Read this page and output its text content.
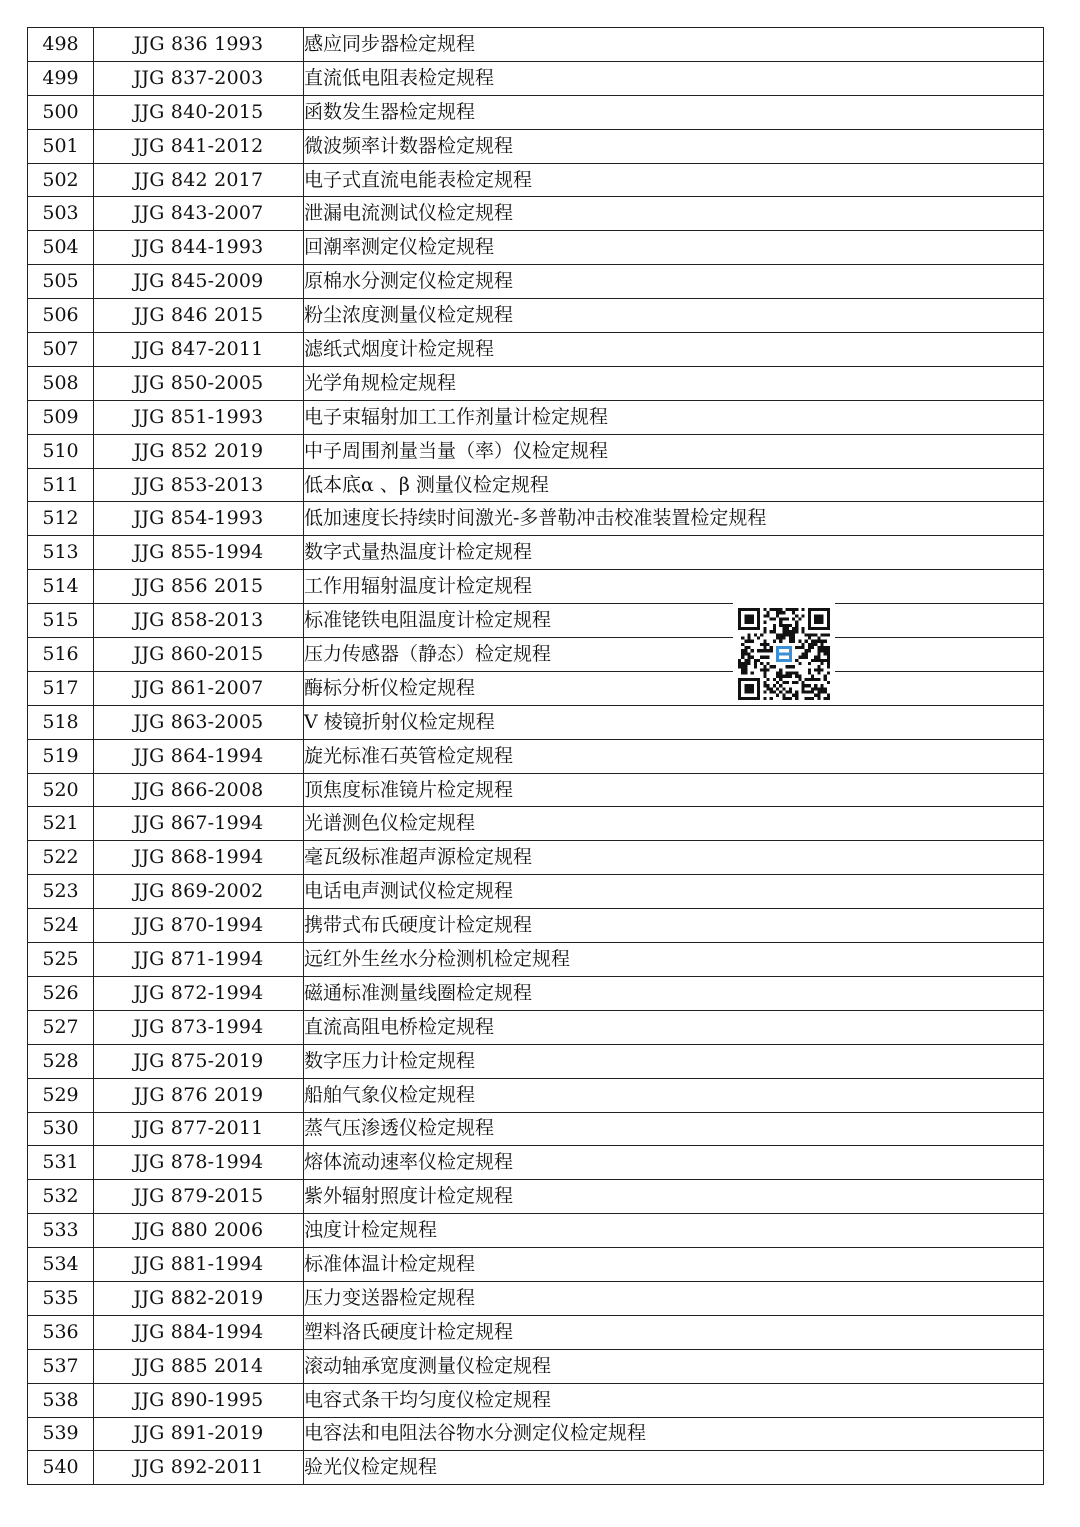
498	JJG 836 1993	感应同步器检定规程
499	JJG 837-2003	直流低电阻表检定规程
500	JJG 840-2015	函数发生器检定规程
501	JJG 841-2012	微波频率计数器检定规程
502	JJG 842 2017	电子式直流电能表检定规程
503	JJG 843-2007	泄漏电流测试仪检定规程
504	JJG 844-1993	回潮率测定仪检定规程
505	JJG 845-2009	原棉水分测定仪检定规程
506	JJG 846 2015	粉尘浓度测量仪检定规程
507	JJG 847-2011	滤纸式烟度计检定规程
508	JJG 850-2005	光学角规检定规程
509	JJG 851-1993	电子束辐射加工工作剂量计检定规程
510	JJG 852 2019	中子周围剂量当量（率）仪检定规程
511	JJG 853-2013	低本底α 、β 测量仪检定规程
512	JJG 854-1993	低加速度长持续时间激光-多普勒冲击校准装置检定规程
513	JJG 855-1994	数字式量热温度计检定规程
514	JJG 856 2015	工作用辐射温度计检定规程
515	JJG 858-2013	标准铑铁电阻温度计检定规程
516	JJG 860-2015	压力传感器（静态）检定规程
517	JJG 861-2007	酶标分析仪检定规程
518	JJG 863-2005	V 棱镜折射仪检定规程
519	JJG 864-1994	旋光标准石英管检定规程
520	JJG 866-2008	顶焦度标准镜片检定规程
521	JJG 867-1994	光谱测色仪检定规程
522	JJG 868-1994	毫瓦级标准超声源检定规程
523	JJG 869-2002	电话电声测试仪检定规程
524	JJG 870-1994	携带式布氏硬度计检定规程
525	JJG 871-1994	远红外生丝水分检测机检定规程
526	JJG 872-1994	磁通标准测量线圈检定规程
527	JJG 873-1994	直流高阻电桥检定规程
528	JJG 875-2019	数字压力计检定规程
529	JJG 876 2019	船舶气象仪检定规程
530	JJG 877-2011	蒸气压渗透仪检定规程
531	JJG 878-1994	熔体流动速率仪检定规程
532	JJG 879-2015	紫外辐射照度计检定规程
533	JJG 880 2006	浊度计检定规程
534	JJG 881-1994	标准体温计检定规程
535	JJG 882-2019	压力变送器检定规程
536	JJG 884-1994	塑料洛氏硬度计检定规程
537	JJG 885 2014	滚动轴承宽度测量仪检定规程
538	JJG 890-1995	电容式条干均匀度仪检定规程
539	JJG 891-2019	电容法和电阻法谷物水分测定仪检定规程
540	JJG 892-2011	验光仪检定规程
